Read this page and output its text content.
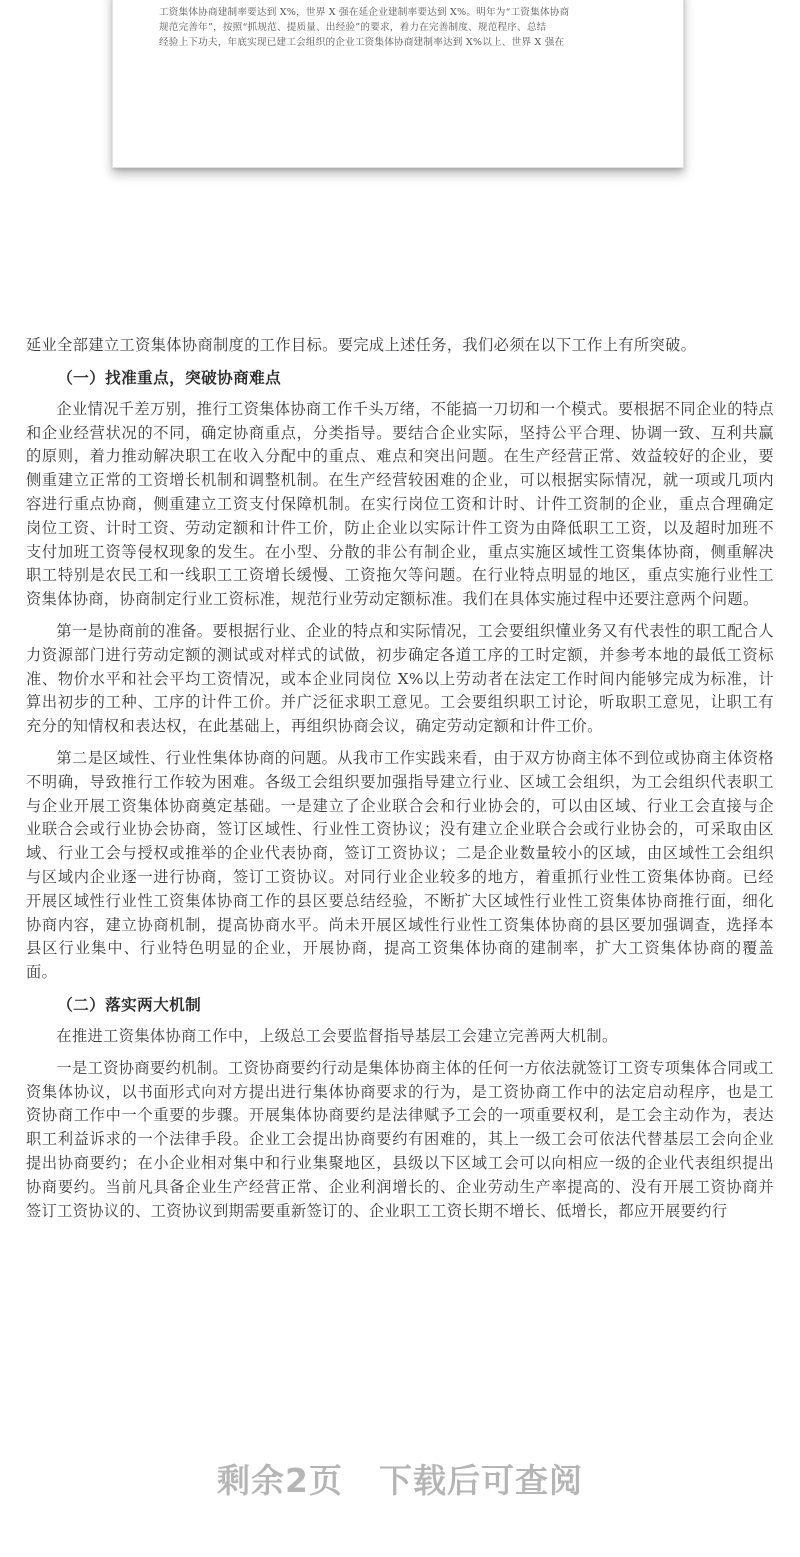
工资集体协商建制率要达到 X%，世界 X 强在延企业建制率要达到 X%。明年为“工资集体协商
规范完善年”，按照“抓规范、提质量、出经验”的要求，着力在完善制度、规范程序、总结
经验上下功夫，年底实现已建工会组织的企业工资集体协商建制率达到 X%以上、世界 X 强在

延业全部建立工资集体协商制度的工作目标。要完成上述任务，我们必须在以下工作上有所突破。

（一）找准重点，突破协商难点

企业情况千差万别，推行工资集体协商工作千头万绪，不能搞一刀切和一个模式。要根据不同企业的特点和企业经营状况的不同，确定协商重点，分类指导。要结合企业实际，坚持公平合理、协调一致、互利共赢的原则，着力推动解决职工在收入分配中的重点、难点和突出问题。在生产经营正常、效益较好的企业，要侧重建立正常的工资增长机制和调整机制。在生产经营较困难的企业，可以根据实际情况，就一项或几项内容进行重点协商，侧重建立工资支付保障机制。在实行岗位工资和计时、计件工资制的企业，重点合理确定岗位工资、计时工资、劳动定额和计件工价，防止企业以实际计件工资为由降低职工工资，以及超时加班不支付加班工资等侵权现象的发生。在小型、分散的非公有制企业，重点实施区域性工资集体协商，侧重解决职工特别是农民工和一线职工工资增长缓慢、工资拖欠等问题。在行业特点明显的地区，重点实施行业性工资集体协商，协商制定行业工资标准，规范行业劳动定额标准。我们在具体实施过程中还要注意两个问题。

第一是协商前的准备。要根据行业、企业的特点和实际情况，工会要组织懂业务又有代表性的职工配合人力资源部门进行劳动定额的测试或对样式的试做，初步确定各道工序的工时定额，并参考本地的最低工资标准、物价水平和社会平均工资情况，或本企业同岗位 X%以上劳动者在法定工作时间内能够完成为标准，计算出初步的工种、工序的计件工价。并广泛征求职工意见。工会要组织职工讨论，听取职工意见，让职工有充分的知情权和表达权，在此基础上，再组织协商会议，确定劳动定额和计件工价。

第二是区域性、行业性集体协商的问题。从我市工作实践来看，由于双方协商主体不到位或协商主体资格不明确，导致推行工作较为困难。各级工会组织要加强指导建立行业、区域工会组织，为工会组织代表职工与企业开展工资集体协商奠定基础。一是建立了企业联合会和行业协会的，可以由区域、行业工会直接与企业联合会或行业协会协商，签订区域性、行业性工资协议；没有建立企业联合会或行业协会的，可采取由区域、行业工会与授权或推举的企业代表协商，签订工资协议；二是企业数量较小的区域，由区域性工会组织与区域内企业逐一进行协商，签订工资协议。对同行业企业较多的地方，着重抓行业性工资集体协商。已经开展区域性行业性工资集体协商工作的县区要总结经验，不断扩大区域性行业性工资集体协商推行面，细化协商内容，建立协商机制，提高协商水平。尚未开展区域性行业性工资集体协商的县区要加强调查，选择本县区行业集中、行业特色明显的企业，开展协商，提高工资集体协商的建制率，扩大工资集体协商的覆盖面。

（二）落实两大机制

在推进工资集体协商工作中，上级总工会要监督指导基层工会建立完善两大机制。

一是工资协商要约机制。工资协商要约行动是集体协商主体的任何一方依法就签订工资专项集体合同或工资集体协议，以书面形式向对方提出进行集体协商要求的行为，是工资协商工作中的法定启动程序，也是工资协商工作中一个重要的步骤。开展集体协商要约是法律赋予工会的一项重要权利，是工会主动作为，表达职工利益诉求的一个法律手段。企业工会提出协商要约有困难的，其上一级工会可依法代替基层工会向企业提出协商要约；在小企业相对集中和行业集聚地区，县级以下区域工会可以向相应一级的企业代表组织提出协商要约。当前凡具备企业生产经营正常、企业利润增长的、企业劳动生产率提高的、没有开展工资协商并签订工资协议的、工资协议到期需要重新签订的、企业职工工资长期不增长、低增长，都应开展要约行

剩余2页 下载后可查阅
